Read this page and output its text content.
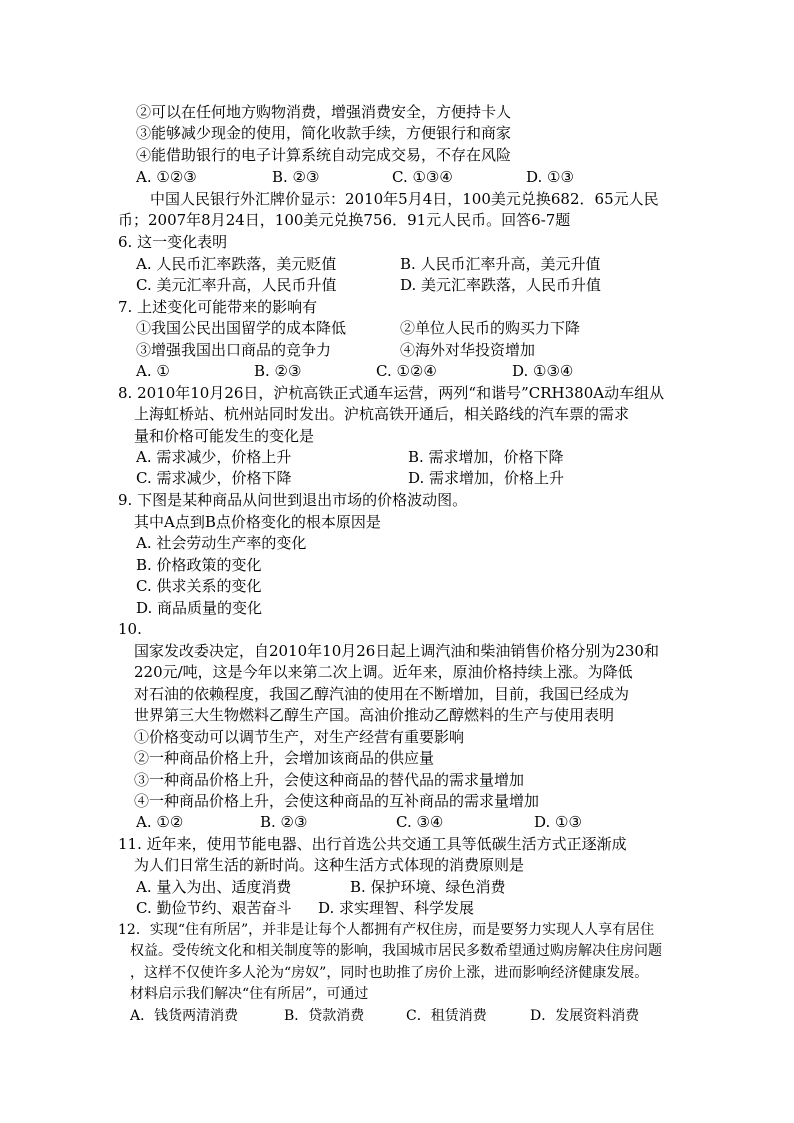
②可以在任何地方购物消费，增强消费安全，方便持卡人
③能够减少现金的使用，简化收款手续，方便银行和商家
④能借助银行的电子计算系统自动完成交易，不存在风险
A. ①②③	B. ②③	C. ①③④	D. ①③
中国人民银行外汇牌价显示：2010年5月4日，100美元兑换682．65元人民
币；2007年8月24日，100美元兑换756．91元人民币。回答6-7题
6. 这一变化表明
A. 人民币汇率跌落，美元贬值	B. 人民币汇率升高，美元升值
C. 美元汇率升高，人民币升值	D. 美元汇率跌落，人民币升值
7. 上述变化可能带来的影响有
①我国公民出国留学的成本降低	②单位人民币的购买力下降
③增强我国出口商品的竞争力	④海外对华投资增加
A. ①	B. ②③	C. ①②④	D. ①③④
8. 2010年10月26日，沪杭高铁正式通车运营，两列“和谐号”CRH380A动车组从
上海虹桥站、杭州站同时发出。沪杭高铁开通后，相关路线的汽车票的需求
量和价格可能发生的变化是
A. 需求减少，价格上升	B. 需求增加，价格下降
C. 需求减少，价格下降	D. 需求增加，价格上升
9. 下图是某种商品从问世到退出市场的价格波动图。
其中A点到B点价格变化的根本原因是
A. 社会劳动生产率的变化
B. 价格政策的变化
C. 供求关系的变化
D. 商品质量的变化
10.
国家发改委决定，自2010年10月26日起上调汽油和柴油销售价格分别为230和
220元/吨，这是今年以来第二次上调。近年来，原油价格持续上涨。为降低
对石油的依赖程度，我国乙醇汽油的使用在不断增加，目前，我国已经成为
世界第三大生物燃料乙醇生产国。高油价推动乙醇燃料的生产与使用表明
①价格变动可以调节生产，对生产经营有重要影响
②一种商品价格上升，会增加该商品的供应量
③一种商品价格上升，会使这种商品的替代品的需求量增加
④一种商品价格上升，会使这种商品的互补商品的需求量增加
A. ①②	B. ②③	C. ③④	D. ①③
11. 近年来，使用节能电器、出行首选公共交通工具等低碳生活方式正逐渐成
为人们日常生活的新时尚。这种生活方式体现的消费原则是
A. 量入为出、适度消费	B. 保护环境、绿色消费
C. 勤俭节约、艰苦奋斗 D. 求实理智、科学发展
12．实现“住有所居”，并非是让每个人都拥有产权住房，而是要努力实现人人享有居住
权益。受传统文化和相关制度等的影响，我国城市居民多数希望通过购房解决住房问题
，这样不仅使许多人沦为“房奴”，同时也助推了房价上涨，进而影响经济健康发展。
材料启示我们解决“住有所居”，可通过
A．钱货两清消费	B．贷款消费	C．租赁消费	D．发展资料消费
